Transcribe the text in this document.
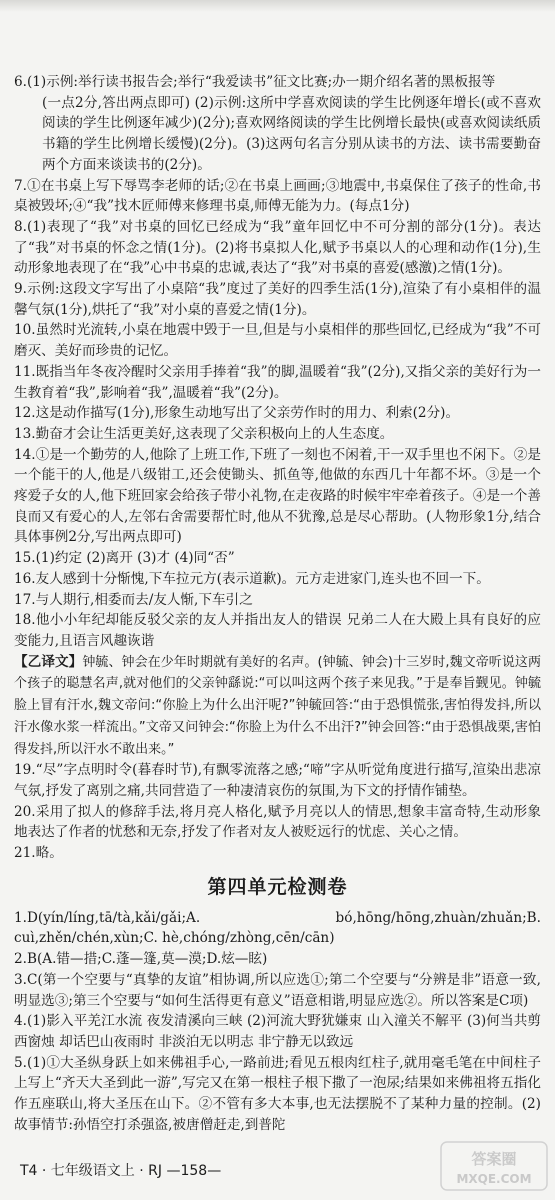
6.(1)示例:举行读书报告会;举行“我爱读书”征文比赛;办一期介绍名著的黑板报等

(一点2分,答出两点即可) (2)示例:这所中学喜欢阅读的学生比例逐年增长(或不喜欢阅读的学生比例逐年减少)(2分);喜欢网络阅读的学生比例增长最快(或喜欢阅读纸质书籍的学生比例增长缓慢)(2分)。(3)这两句名言分别从读书的方法、读书需要勤奋两个方面来谈读书的(2分)。

7.①在书桌上写下辱骂李老师的话;②在书桌上画画;③地震中,书桌保住了孩子的性命,书桌被毁坏;④“我”找木匠师傅来修理书桌,师傅无能为力。(每点1分)

8.(1)表现了“我”对书桌的回忆已经成为“我”童年回忆中不可分割的部分(1分)。表达了“我”对书桌的怀念之情(1分)。(2)将书桌拟人化,赋予书桌以人的心理和动作(1分),生动形象地表现了在“我”心中书桌的忠诚,表达了“我”对书桌的喜爱(感激)之情(1分)。

9.示例:这段文字写出了小桌陪“我”度过了美好的四季生活(1分),渲染了有小桌相伴的温馨气氛(1分),烘托了“我”对小桌的喜爱之情(1分)。

10.虽然时光流转,小桌在地震中毁于一旦,但是与小桌相伴的那些回忆,已经成为“我”不可磨灭、美好而珍贵的记忆。

11.既指当年冬夜冷醒时父亲用手捧着“我”的脚,温暖着“我”(2分),又指父亲的美好行为一生教育着“我”,影响着“我”,温暖着“我”(2分)。

12.这是动作描写(1分),形象生动地写出了父亲劳作时的用力、利索(2分)。

13.勤奋才会让生活更美好,这表现了父亲积极向上的人生态度。

14.①是一个勤劳的人,他除了上班工作,下班了一刻也不闲着,干一双手里也不闲下。②是一个能干的人,他是八级钳工,还会使锄头、抓鱼等,他做的东西几十年都不坏。③是一个疼爱子女的人,他下班回家会给孩子带小礼物,在走夜路的时候牢牢牵着孩子。④是一个善良而又有爱心的人,左邻右舍需要帮忙时,他从不犹豫,总是尽心帮助。(人物形象1分,结合具体事例2分,写出两点即可)

15.(1)约定 (2)离开 (3)才 (4)同“否”

16.友人感到十分惭愧,下车拉元方(表示道歉)。元方走进家门,连头也不回一下。

17.与人期行,相委而去/友人惭,下车引之

18.他小小年纪却能反驳父亲的友人并指出友人的错误 兄弟二人在大殿上具有良好的应变能力,且语言风趣诙谐

【乙译文】钟毓、钟会在少年时期就有美好的名声。(钟毓、钟会)十三岁时,魏文帝听说这两个孩子的聪慧名声,就对他们的父亲钟繇说:“可以叫这两个孩子来见我。”于是奉旨觐见。钟毓脸上冒有汗水,魏文帝问:“你脸上为什么出汗呢?”钟毓回答:“由于恐惧慌张,害怕得发抖,所以汗水像水浆一样流出。”文帝又问钟会:“你脸上为什么不出汗?”钟会回答:“由于恐惧战栗,害怕得发抖,所以汗水不敢出来。”

19.“尽”字点明时令(暮春时节),有飘零流落之感;“啼”字从听觉角度进行描写,渲染出悲凉气氛,抒发了离别之痛,共同营造了一种凄清哀伤的氛围,为下文的抒情作铺垫。

20.采用了拟人的修辞手法,将月亮人格化,赋予月亮以人的情思,想象丰富奇特,生动形象地表达了作者的忧愁和无奈,抒发了作者对友人被贬远行的忧虑、关心之情。

21.略。

第四单元检测卷

1.D(yín/líng,tā/tà,kǎi/gǎi;A. bó,hōng/hōng,zhuàn/zhuǎn;B. cuì,zhěn/chén,xùn;C. hè,chóng/zhòng,cēn/cān)

2.B(A.错—措;C.蓬—篷,莫—漠;D.炫—眩)

3.C(第一个空要与“真挚的友谊”相协调,所以应选①;第二个空要与“分辨是非”语意一致,明显选③;第三个空要与“如何生活得更有意义”语意相谐,明显应选②。所以答案是C项)

4.(1)影入平羌江水流 夜发清溪向三峡 (2)河流大野犹嫌束 山入潼关不解平 (3)何当共剪西窗烛 却话巴山夜雨时 非淡泊无以明志 非宁静无以致远

5.(1)①大圣纵身跃上如来佛祖手心,一路前进;看见五根肉红柱子,就用毫毛笔在中间柱子上写上“齐天大圣到此一游”,写完又在第一根柱子根下撒了一泡尿;结果如来佛祖将五指化作五座联山,将大圣压在山下。②不管有多大本事,也无法摆脱不了某种力量的控制。(2)故事情节:孙悟空打杀强盗,被唐僧赶走,到普陀

T4 · 七年级语文上 · RJ —158—
答案圈
MXQE.COM
